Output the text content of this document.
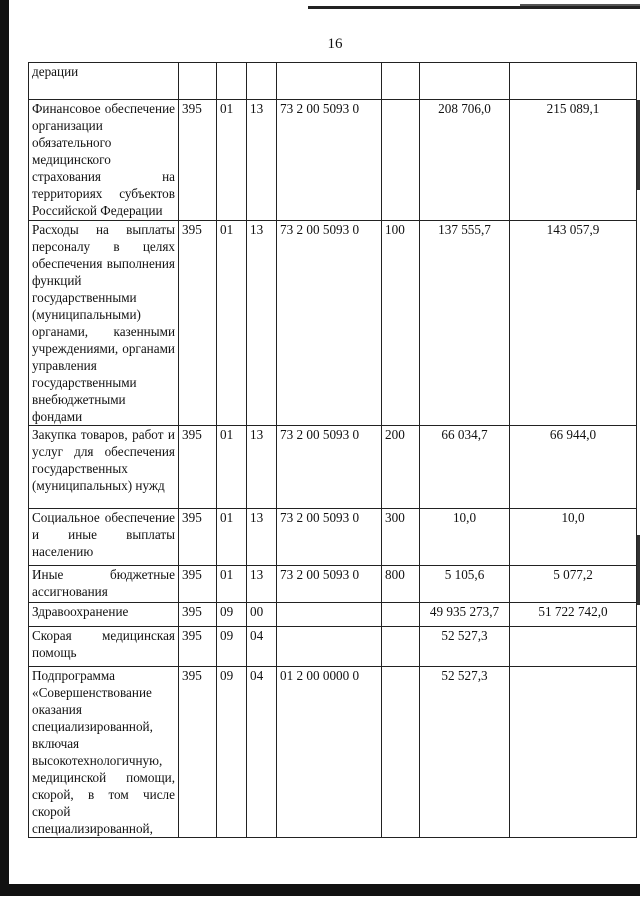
16
дерации							
Финансовое обеспечение организации обязательного медицинского страхования на территориях субъектов Российской Федерации	395	01	13	73 2 00 5093 0		208 706,0	215 089,1
Расходы на выплаты персоналу в целях обеспечения выполнения функций государственными (муниципальными) органами, казенными учреждениями, органами управления государственными внебюджетными фондами	395	01	13	73 2 00 5093 0	100	137 555,7	143 057,9
Закупка товаров, работ и услуг для обеспечения государственных (муниципальных) нужд	395	01	13	73 2 00 5093 0	200	66 034,7	66 944,0
Социальное обеспечение и иные выплаты населению	395	01	13	73 2 00 5093 0	300	10,0	10,0
Иные бюджетные ассигнования	395	01	13	73 2 00 5093 0	800	5 105,6	5 077,2
Здравоохранение	395	09	00			49 935 273,7	51 722 742,0
Скорая медицинская помощь	395	09	04			52 527,3	
Подпрограмма «Совершенствование оказания специализированной, включая высокотехнологичную, медицинской помощи, скорой, в том числе скорой специализированной,	395	09	04	01 2 00 0000 0		52 527,3	
